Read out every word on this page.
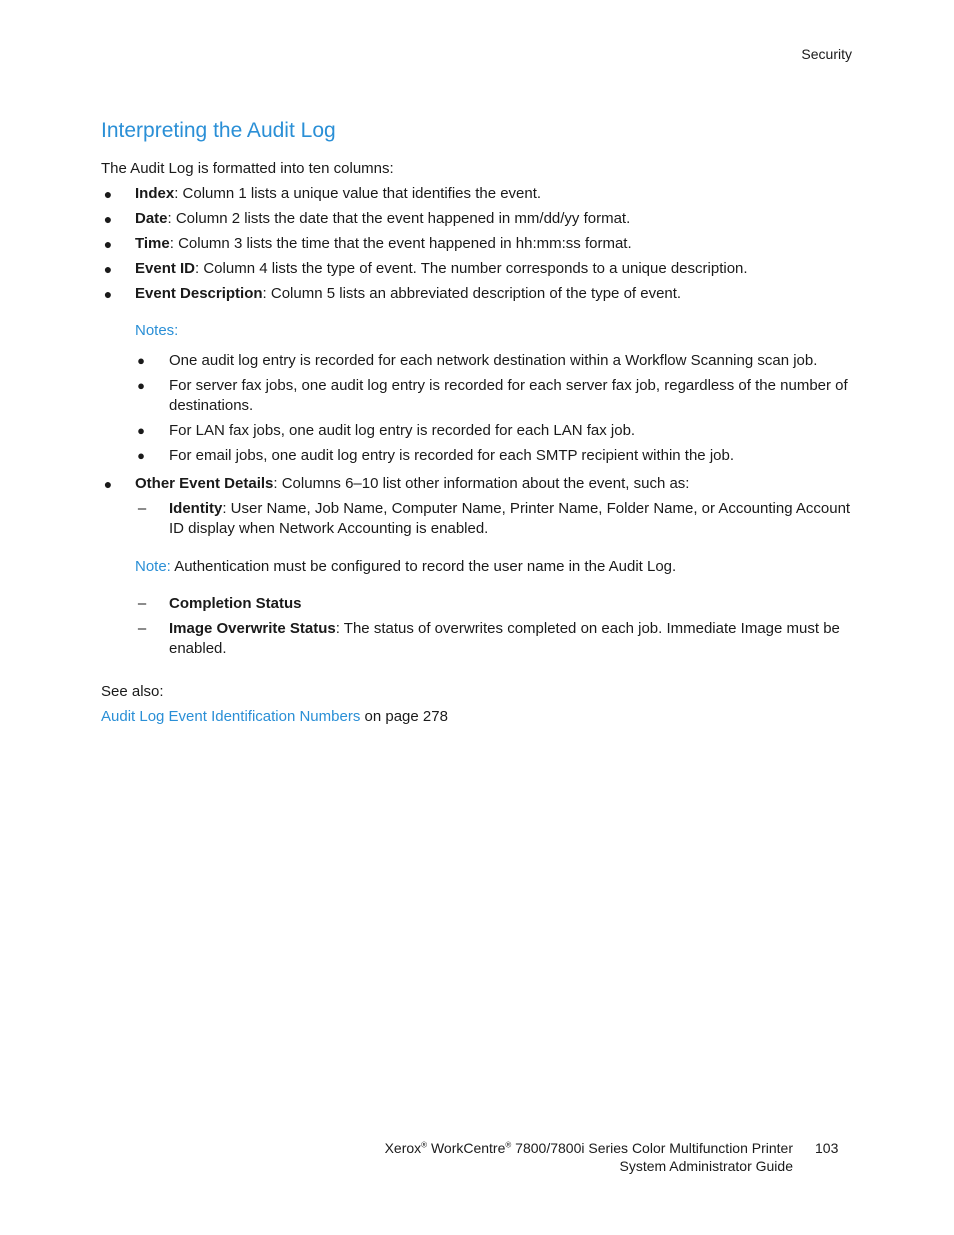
Security
Interpreting the Audit Log
The Audit Log is formatted into ten columns:
● Index: Column 1 lists a unique value that identifies the event.
● Date: Column 2 lists the date that the event happened in mm/dd/yy format.
● Time: Column 3 lists the time that the event happened in hh:mm:ss format.
● Event ID: Column 4 lists the type of event. The number corresponds to a unique description.
● Event Description: Column 5 lists an abbreviated description of the type of event.
Notes:
● One audit log entry is recorded for each network destination within a Workflow Scanning scan job.
● For server fax jobs, one audit log entry is recorded for each server fax job, regardless of the number of destinations.
● For LAN fax jobs, one audit log entry is recorded for each LAN fax job.
● For email jobs, one audit log entry is recorded for each SMTP recipient within the job.
● Other Event Details: Columns 6–10 list other information about the event, such as:
– Identity: User Name, Job Name, Computer Name, Printer Name, Folder Name, or Accounting Account ID display when Network Accounting is enabled.
Note: Authentication must be configured to record the user name in the Audit Log.
– Completion Status
– Image Overwrite Status: The status of overwrites completed on each job. Immediate Image must be enabled.
See also:
Audit Log Event Identification Numbers on page 278
Xerox® WorkCentre® 7800/7800i Series Color Multifunction Printer
System Administrator Guide
103
